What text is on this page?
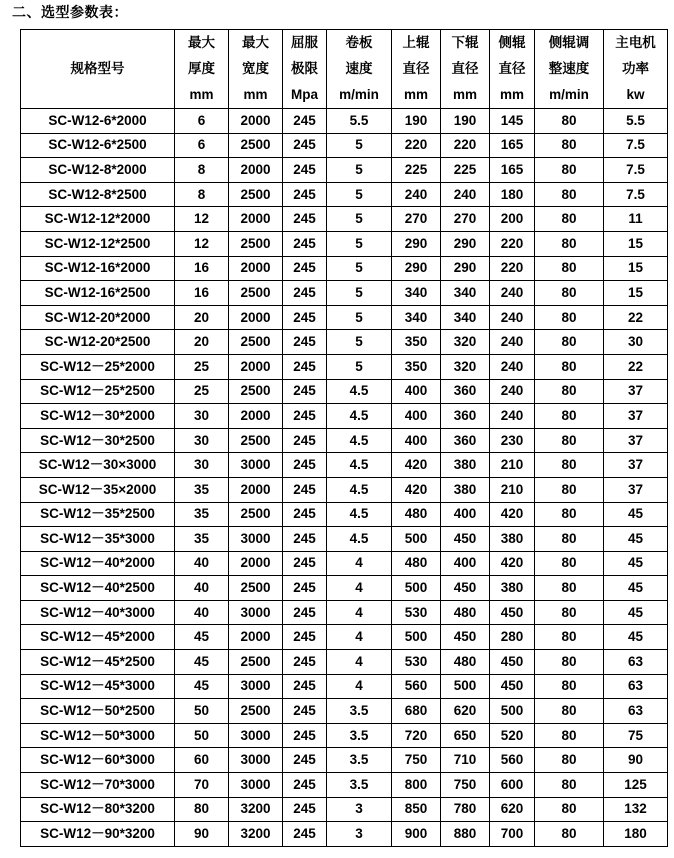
二、选型参数表：
规格型号	最大
厚度
mm	最大
宽度
mm	屈服
极限
Mpa	卷板
速度
m/min	上辊
直径
mm	下辊
直径
mm	侧辊
直径
mm	侧辊调
整速度
m/min	主电机
功率
kw

SC-W12-6*2000	6	2000	245	5.5	190	190	145	80	5.5
SC-W12-6*2500	6	2500	245	5	220	220	165	80	7.5
SC-W12-8*2000	8	2000	245	5	225	225	165	80	7.5
SC-W12-8*2500	8	2500	245	5	240	240	180	80	7.5
SC-W12-12*2000	12	2000	245	5	270	270	200	80	11
SC-W12-12*2500	12	2500	245	5	290	290	220	80	15
SC-W12-16*2000	16	2000	245	5	290	290	220	80	15
SC-W12-16*2500	16	2500	245	5	340	340	240	80	15
SC-W12-20*2000	20	2000	245	5	340	340	240	80	22
SC-W12-20*2500	20	2500	245	5	350	320	240	80	30
SC-W12－25*2000	25	2000	245	5	350	320	240	80	22
SC-W12－25*2500	25	2500	245	4.5	400	360	240	80	37
SC-W12－30*2000	30	2000	245	4.5	400	360	240	80	37
SC-W12－30*2500	30	2500	245	4.5	400	360	230	80	37
SC-W12－30×3000	30	3000	245	4.5	420	380	210	80	37
SC-W12－35×2000	35	2000	245	4.5	420	380	210	80	37
SC-W12－35*2500	35	2500	245	4.5	480	400	420	80	45
SC-W12－35*3000	35	3000	245	4.5	500	450	380	80	45
SC-W12－40*2000	40	2000	245	4	480	400	420	80	45
SC-W12－40*2500	40	2500	245	4	500	450	380	80	45
SC-W12－40*3000	40	3000	245	4	530	480	450	80	45
SC-W12－45*2000	45	2000	245	4	500	450	280	80	45
SC-W12－45*2500	45	2500	245	4	530	480	450	80	63
SC-W12－45*3000	45	3000	245	4	560	500	450	80	63
SC-W12－50*2500	50	2500	245	3.5	680	620	500	80	63
SC-W12－50*3000	50	3000	245	3.5	720	650	520	80	75
SC-W12－60*3000	60	3000	245	3.5	750	710	560	80	90
SC-W12－70*3000	70	3000	245	3.5	800	750	600	80	125
SC-W12－80*3200	80	3200	245	3	850	780	620	80	132
SC-W12－90*3200	90	3200	245	3	900	880	700	80	180
